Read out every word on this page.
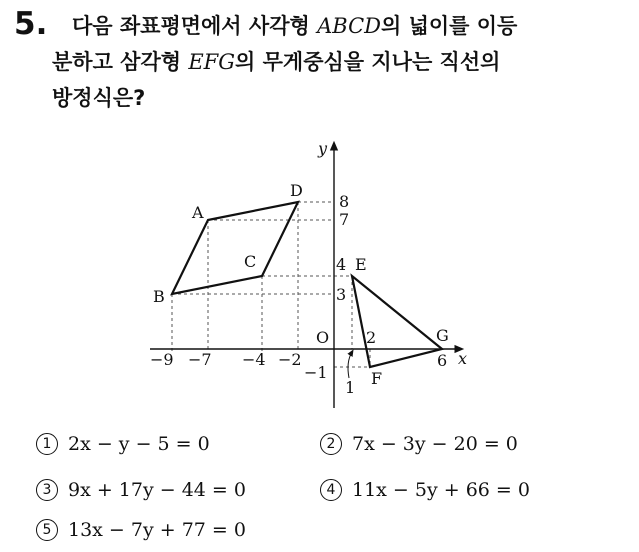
5.	다음 좌표평면에서 사각형 ABCD의 넓이를 이등
분하고 삼각형 EFG의 무게중심을 지나는 직선의
방정식은?
y
x
O
−9 −7 −4 −2	6
8
7
4
3
−1
2
1
A
B
C
D
E
F
G
1 2x − y − 5 = 0	2 7x − 3y − 20 = 0
3 9x + 17y − 44 = 0	4 11x − 5y + 66 = 0
5 13x − 7y + 77 = 0
